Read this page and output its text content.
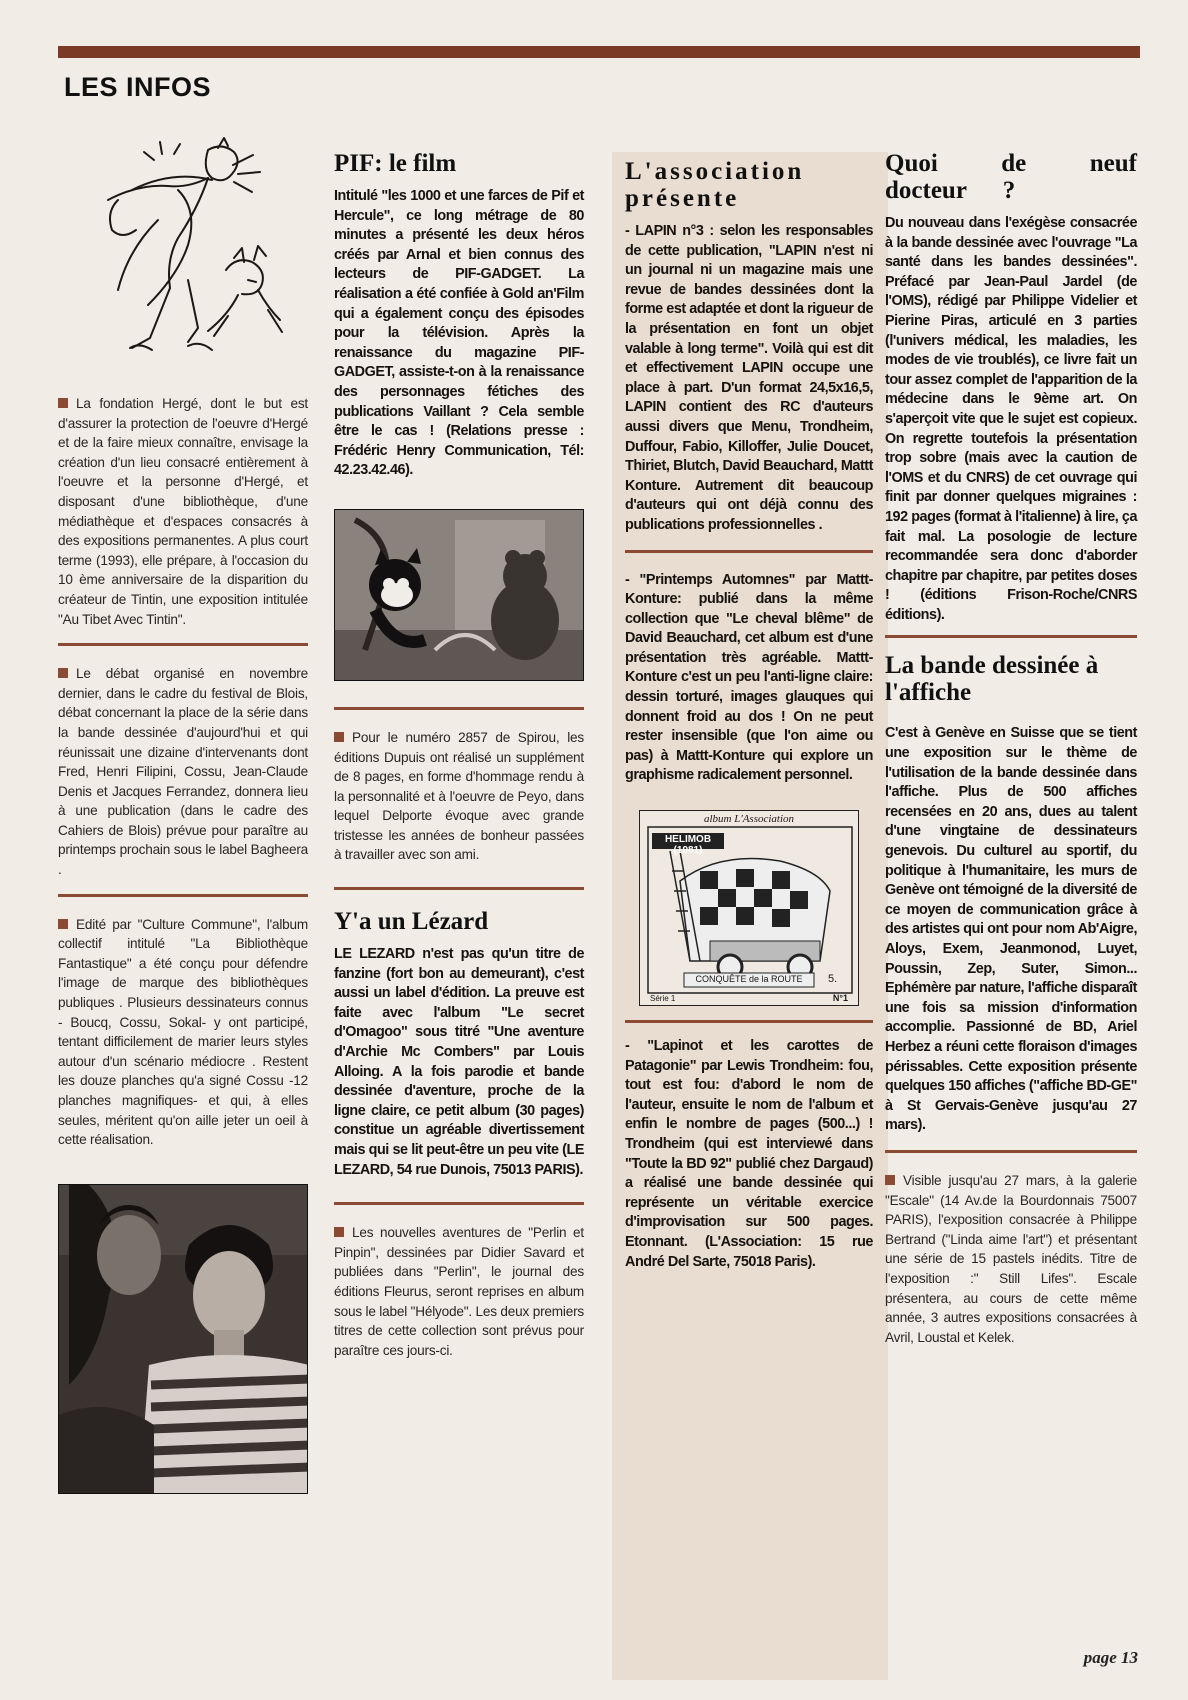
LES INFOS

La fondation Hergé, dont le but est d'assurer la protection de l'oeuvre d'Hergé et de la faire mieux connaître, envisage la création d'un lieu consacré entièrement à l'oeuvre et la personne d'Hergé, et disposant d'une bibliothèque, d'une médiathèque et d'espaces consacrés à des expositions permanentes. A plus court terme (1993), elle prépare, à l'occasion du 10 ème anniversaire de la disparition du créateur de Tintin, une exposition intitulée "Au Tibet Avec Tintin".

Le débat organisé en novembre dernier, dans le cadre du festival de Blois, débat concernant la place de la série dans la bande dessinée d'aujourd'hui et qui réunissait une dizaine d'intervenants dont Fred, Henri Filipini, Cossu, Jean-Claude Denis et Jacques Ferrandez, donnera lieu à une publication (dans le cadre des Cahiers de Blois) prévue pour paraître au printemps prochain sous le label Bagheera .

Edité par "Culture Commune", l'album collectif intitulé "La Bibliothèque Fantastique" a été conçu pour défendre l'image de marque des bibliothèques publiques . Plusieurs dessinateurs connus - Boucq, Cossu, Sokal- y ont participé, tentant difficilement de marier leurs styles autour d'un scénario médiocre . Restent les douze planches qu'a signé Cossu -12 planches magnifiques- et qui, à elles seules, méritent qu'on aille jeter un oeil à cette réalisation.

PIF: le film

Intitulé "les 1000 et une farces de Pif et Hercule", ce long métrage de 80 minutes a présenté les deux héros créés par Arnal et bien connus des lecteurs de PIF-GADGET. La réalisation a été confiée à Gold an'Film qui a également conçu des épisodes pour la télévision. Après la renaissance du magazine PIF-GADGET, assiste-t-on à la renaissance des personnages fétiches des publications Vaillant ? Cela semble être le cas ! (Relations presse : Frédéric Henry Communication, Tél: 42.23.42.46).

Pour le numéro 2857 de Spirou, les éditions Dupuis ont réalisé un supplément de 8 pages, en forme d'hommage rendu à la personnalité et à l'oeuvre de Peyo, dans lequel Delporte évoque avec grande tristesse les années de bonheur passées à travailler avec son ami.

Y'a un Lézard

LE LEZARD n'est pas qu'un titre de fanzine (fort bon au demeurant), c'est aussi un label d'édition. La preuve est faite avec l'album "Le secret d'Omagoo" sous titré "Une aventure d'Archie Mc Combers" par Louis Alloing. A la fois parodie et bande dessinée d'aventure, proche de la ligne claire, ce petit album (30 pages) constitue un agréable divertissement mais qui se lit peut-être un peu vite (LE LEZARD, 54 rue Dunois, 75013 PARIS).

Les nouvelles aventures de "Perlin et Pinpin", dessinées par Didier Savard et publiées dans "Perlin", le journal des éditions Fleurus, seront reprises en album sous le label "Hélyode". Les deux premiers titres de cette collection sont prévus pour paraître ces jours-ci.

L'association présente

- LAPIN n°3 : selon les responsables de cette publication, "LAPIN n'est ni un journal ni un magazine mais une revue de bandes dessinées dont la forme est adaptée et dont la rigueur de la présentation en font un objet valable à long terme". Voilà qui est dit et effectivement LAPIN occupe une place à part. D'un format 24,5x16,5, LAPIN contient des RC d'auteurs aussi divers que Menu, Trondheim, Duffour, Fabio, Killoffer, Julie Doucet, Thiriet, Blutch, David Beauchard, Mattt Konture. Autrement dit beaucoup d'auteurs qui ont déjà connu des publications professionnelles .

- "Printemps Automnes" par Mattt-Konture: publié dans la même collection que "Le cheval blême" de David Beauchard, cet album est d'une présentation très agréable. Mattt-Konture c'est un peu l'anti-ligne claire: dessin torturé, images glauques qui donnent froid au dos ! On ne peut rester insensible (que l'on aime ou pas) à Mattt-Konture qui explore un graphisme radicalement personnel.

album L'Association
HELIMOB (1981)
CONQUÊTE de la ROUTE	5.
Série 1	N°1

- "Lapinot et les carottes de Patagonie" par Lewis Trondheim: fou, tout est fou: d'abord le nom de l'auteur, ensuite le nom de l'album et enfin le nombre de pages (500...) ! Trondheim (qui est interviewé dans "Toute la BD 92" publié chez Dargaud) a réalisé une bande dessinée qui représente un véritable exercice d'improvisation sur 500 pages. Etonnant. (L'Association: 15 rue André Del Sarte, 75018 Paris).

Quoi de neuf docteur ?

Du nouveau dans l'exégèse consacrée à la bande dessinée avec l'ouvrage "La santé dans les bandes dessinées". Préfacé par Jean-Paul Jardel (de l'OMS), rédigé par Philippe Videlier et Pierine Piras, articulé en 3 parties (l'univers médical, les maladies, les modes de vie troublés), ce livre fait un tour assez complet de l'apparition de la médecine dans le 9ème art. On s'aperçoit vite que le sujet est copieux. On regrette toutefois la présentation trop sobre (mais avec la caution de l'OMS et du CNRS) de cet ouvrage qui finit par donner quelques migraines : 192 pages (format à l'italienne) à lire, ça fait mal. La posologie de lecture recommandée sera donc d'aborder chapitre par chapitre, par petites doses ! (éditions Frison-Roche/CNRS éditions).

La bande dessinée à l'affiche

C'est à Genève en Suisse que se tient une exposition sur le thème de l'utilisation de la bande dessinée dans l'affiche. Plus de 500 affiches recensées en 20 ans, dues au talent d'une vingtaine de dessinateurs genevois. Du culturel au sportif, du politique à l'humanitaire, les murs de Genève ont témoigné de la diversité de ce moyen de communication grâce à des artistes qui ont pour nom Ab'Aigre, Aloys, Exem, Jeanmonod, Luyet, Poussin, Zep, Suter, Simon... Ephémère par nature, l'affiche disparaît une fois sa mission d'information accomplie. Passionné de BD, Ariel Herbez a réuni cette floraison d'images périssables. Cette exposition présente quelques 150 affiches ("affiche BD-GE" à St Gervais-Genève jusqu'au 27 mars).

Visible jusqu'au 27 mars, à la galerie "Escale" (14 Av.de la Bourdonnais 75007 PARIS), l'exposition consacrée à Philippe Bertrand ("Linda aime l'art") et présentant une série de 15 pastels inédits. Titre de l'exposition :" Still Lifes". Escale présentera, au cours de cette même année, 3 autres expositions consacrées à Avril, Loustal et Kelek.

page 13
